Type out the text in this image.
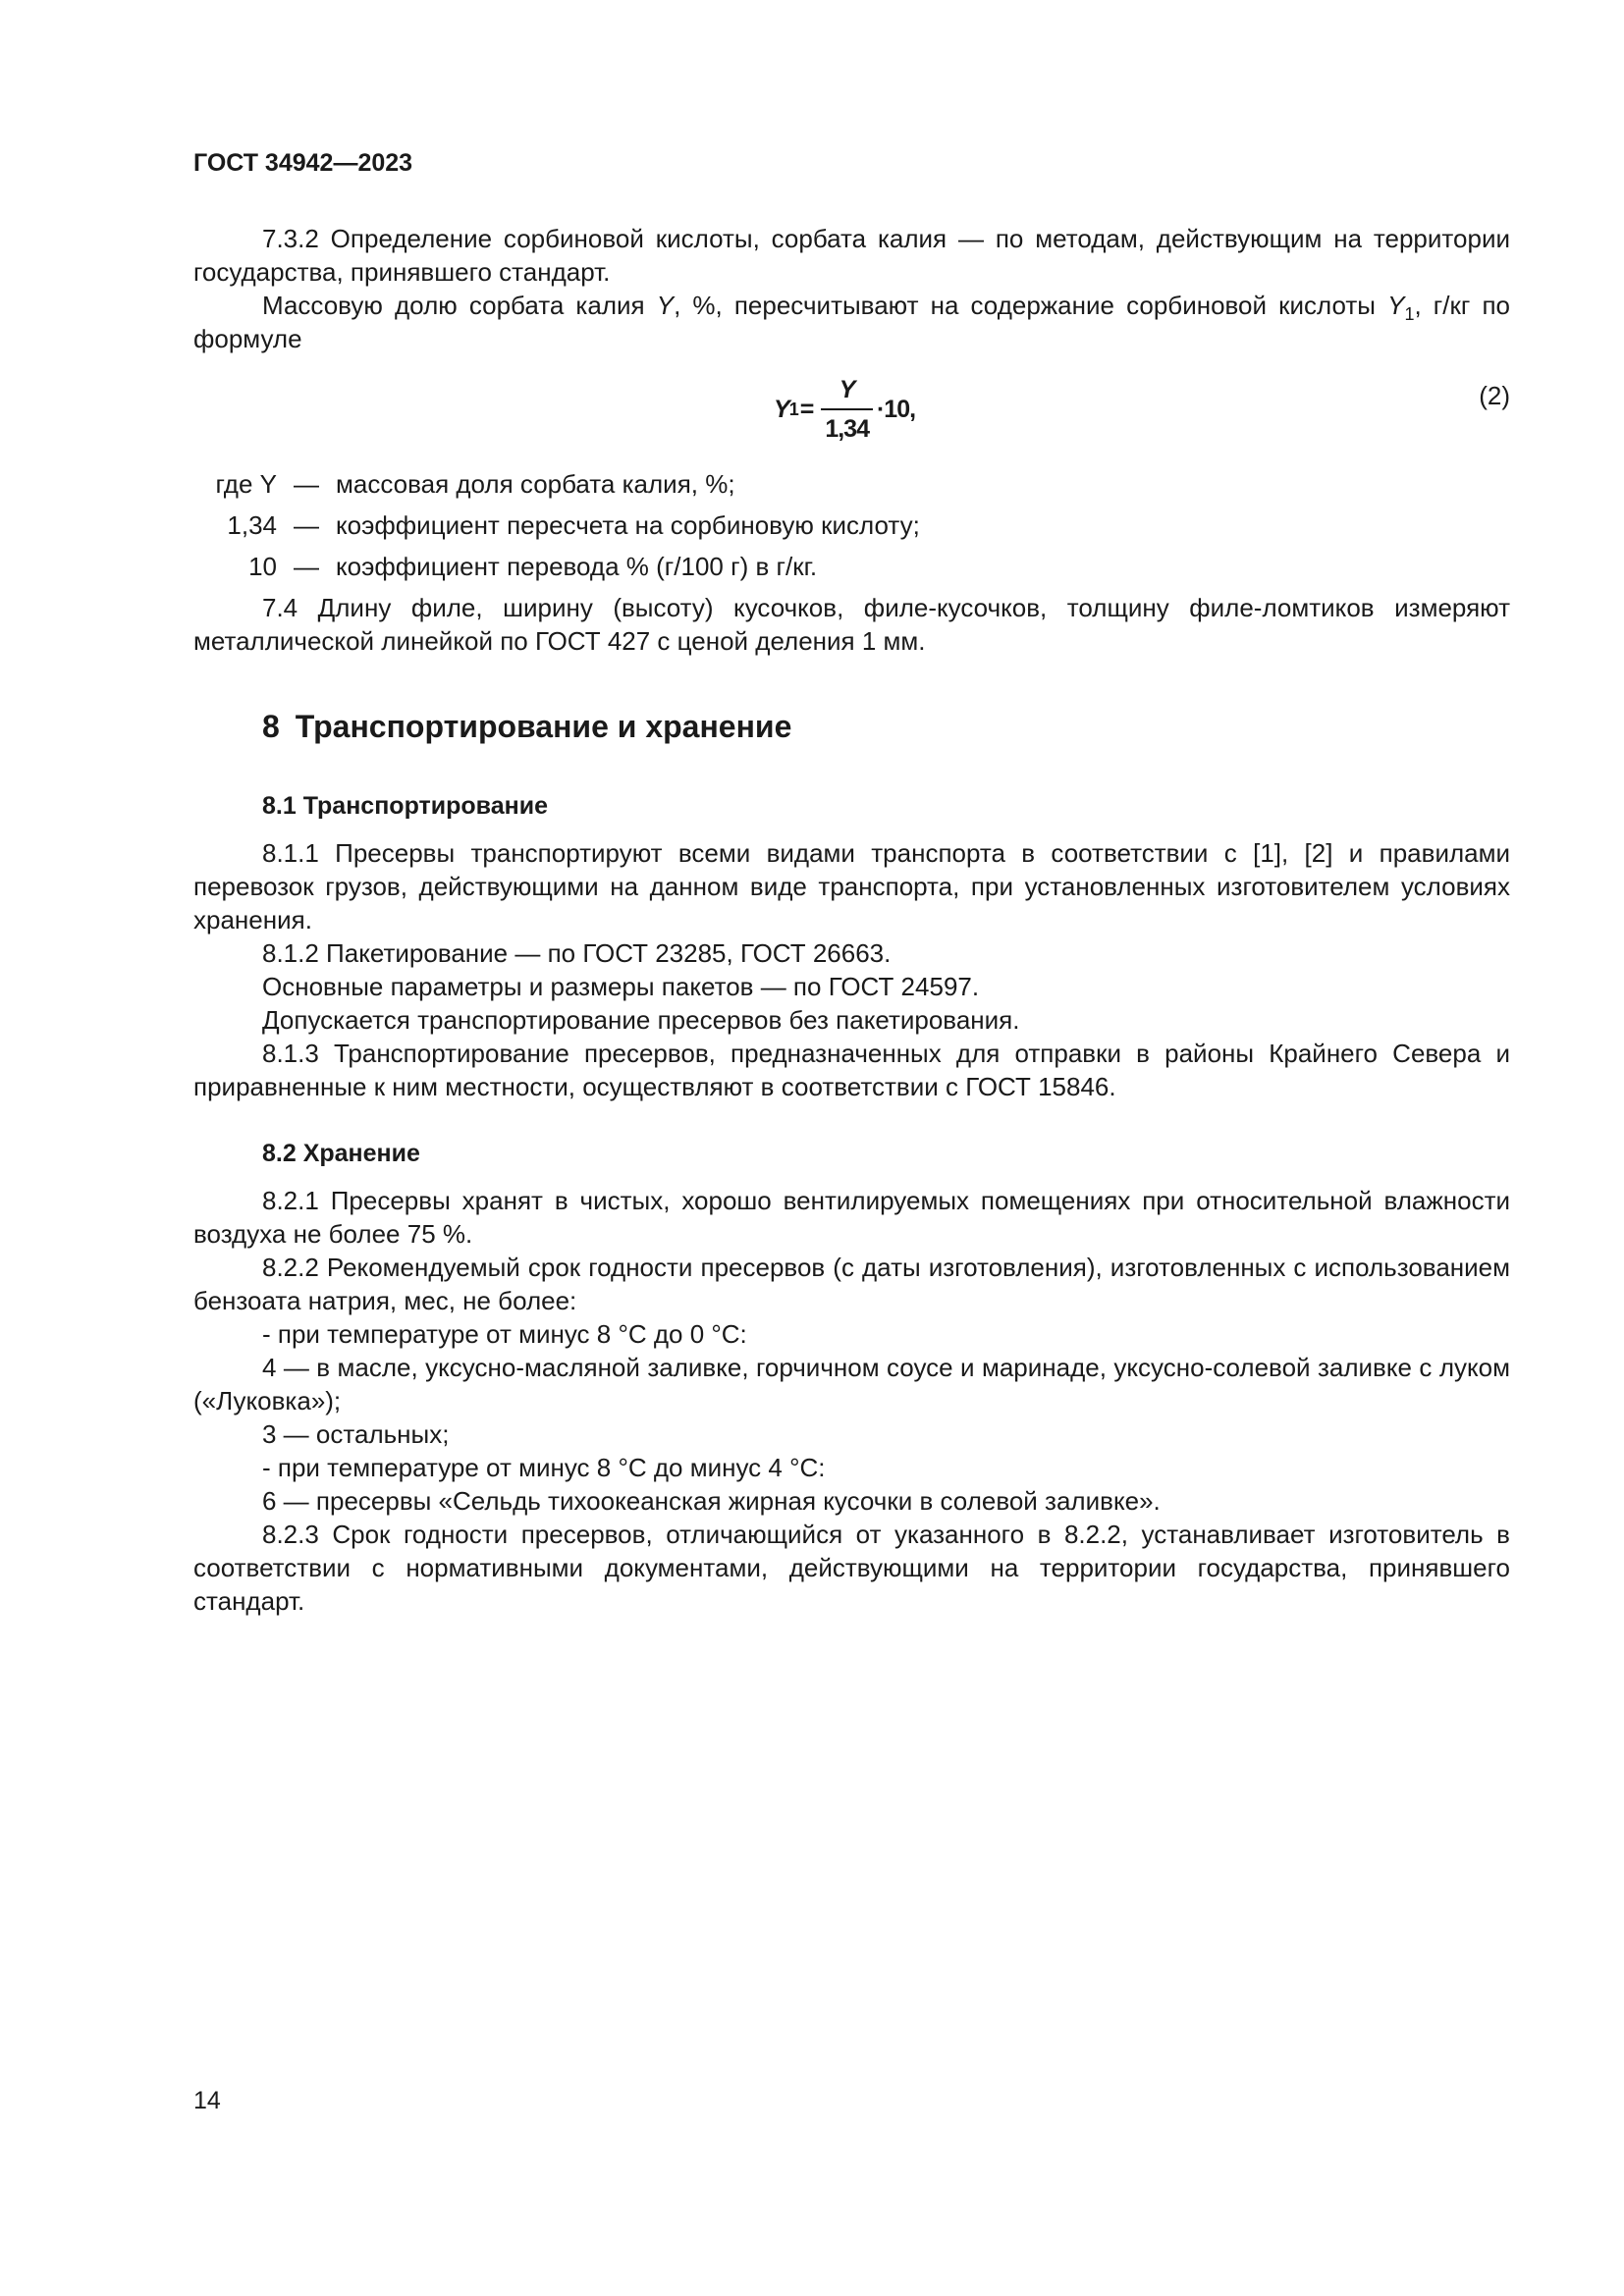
ГОСТ 34942—2023

7.3.2 Определение сорбиновой кислоты, сорбата калия — по методам, действующим на территории государства, принявшего стандарт.

Массовую долю сорбата калия Y, %, пересчитывают на содержание сорбиновой кислоты $Y_1$, г/кг по формуле

Y $1 = \frac{Y}{1,34} \cdot 10$,	(2)
где Y — массовая доля сорбата калия, %;
1,34 — коэффициент пересчета на сорбиновую кислоту;
10 — коэффициент перевода % (г/100 г) в г/кг.

7.4 Длину филе, ширину (высоту) кусочков, филе-кусочков, толщину филе-ломтиков измеряют металлической линейкой по ГОСТ 427 с ценой деления 1 мм.

8 Транспортирование и хранение
8.1 Транспортирование

8.1.1 Пресервы транспортируют всеми видами транспорта в соответствии с [1], [2] и правилами перевозок грузов, действующими на данном виде транспорта, при установленных изготовителем условиях хранения.

8.1.2 Пакетирование — по ГОСТ 23285, ГОСТ 26663.

Основные параметры и размеры пакетов — по ГОСТ 24597.

Допускается транспортирование пресервов без пакетирования.

8.1.3 Транспортирование пресервов, предназначенных для отправки в районы Крайнего Севера и приравненные к ним местности, осуществляют в соответствии с ГОСТ 15846.

8.2 Хранение

8.2.1 Пресервы хранят в чистых, хорошо вентилируемых помещениях при относительной влажности воздуха не более 75 %.

8.2.2 Рекомендуемый срок годности пресервов (с даты изготовления), изготовленных с использованием бензоата натрия, мес, не более:

- при температуре от минус 8 °С до 0 °С:

4 — в масле, уксусно-масляной заливке, горчичном соусе и маринаде, уксусно-солевой заливке с луком («Луковка»);

3 — остальных;

- при температуре от минус 8 °С до минус 4 °С:

6 — пресервы «Сельдь тихоокеанская жирная кусочки в солевой заливке».

8.2.3 Срок годности пресервов, отличающийся от указанного в 8.2.2, устанавливает изготовитель в соответствии с нормативными документами, действующими на территории государства, принявшего стандарт.

14
